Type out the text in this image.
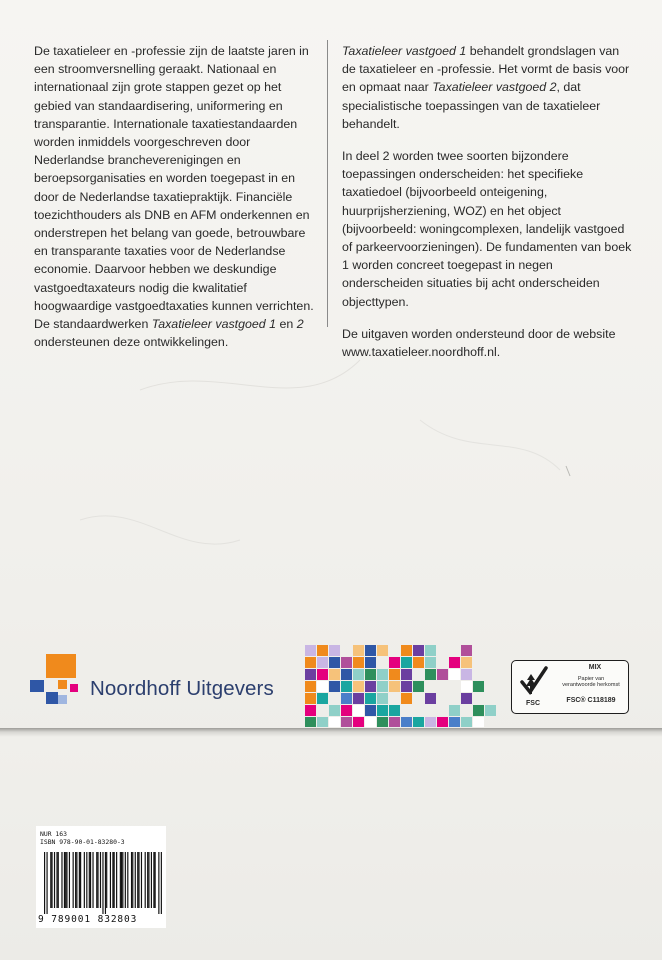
De taxatieleer en -professie zijn de laatste jaren in een stroomversnelling geraakt. Nationaal en internationaal zijn grote stappen gezet op het gebied van standaardisering, uniformering en transparantie. Internationale taxatiestandaarden worden inmiddels voorgeschreven door Nederlandse brancheverenigingen en beroepsorganisaties en worden toegepast in en door de Nederlandse taxatiepraktijk. Financiële toezichthouders als DNB en AFM onderkennen en onderstrepen het belang van goede, betrouwbare en transparante taxaties voor de Nederlandse economie. Daarvoor hebben we deskundige vastgoedtaxateurs nodig die kwalitatief hoogwaardige vastgoedtaxaties kunnen verrichten. De standaardwerken Taxatieleer vastgoed 1 en 2 ondersteunen deze ontwikkelingen.

Taxatieleer vastgoed 1 behandelt grondslagen van de taxatieleer en -professie. Het vormt de basis voor en opmaat naar Taxatieleer vastgoed 2, dat specialistische toepassingen van de taxatieleer behandelt.

In deel 2 worden twee soorten bijzondere toepassingen onderscheiden: het specifieke taxatiedoel (bijvoorbeeld onteigening, huurprijsherziening, WOZ) en het object (bijvoorbeeld: woningcomplexen, landelijk vastgoed of parkeervoorzieningen). De fundamenten van boek 1 worden concreet toegepast in negen onderscheiden situaties bij acht onderscheiden objecttypen.

De uitgaven worden ondersteund door de website www.taxatieleer.noordhoff.nl.

Noordhoff Uitgevers
FSC
MIX
Papier van
verantwoorde herkomst
FSC® C118189
NUR 163
ISBN 978-90-01-83280-3
9 789001 832803
